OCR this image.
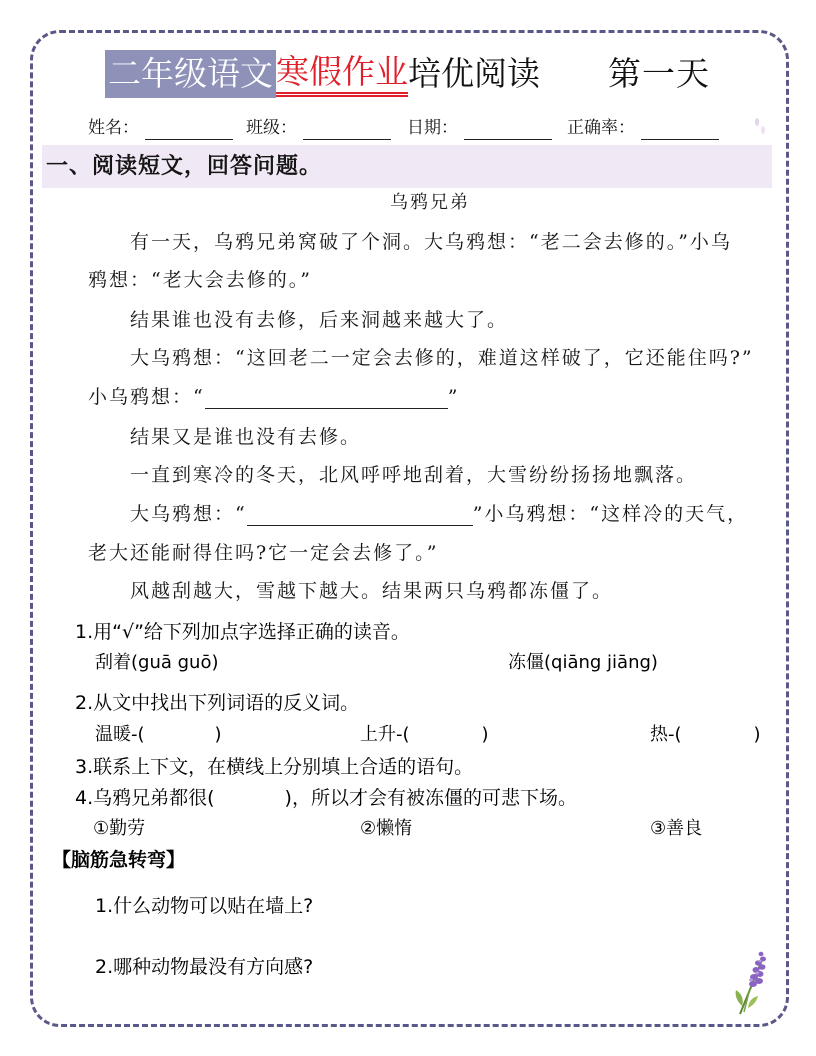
二年级语文 寒假作业 培优阅读 第一天
姓名：	班级：	日期：	正确率：
一、阅读短文，回答问题。
乌鸦兄弟
有一天，乌鸦兄弟窝破了个洞。大乌鸦想：“老二会去修的。”小乌
鸦想：“老大会去修的。”
结果谁也没有去修，后来洞越来越大了。
大乌鸦想：“这回老二一定会去修的，难道这样破了，它还能住吗?”
小乌鸦想：“	”
结果又是谁也没有去修。
一直到寒冷的冬天，北风呼呼地刮着，大雪纷纷扬扬地飘落。
大乌鸦想：“	”小乌鸦想：“这样冷的天气，
老大还能耐得住吗?它一定会去修了。”
风越刮越大，雪越下越大。结果两只乌鸦都冻僵了。
1.用“√”给下列加点字选择正确的读音。
刮着(guā guō)	冻僵(qiāng jiāng)
2.从文中找出下列词语的反义词。
温暖-(	)	上升-(	)	热-(	)
3.联系上下文，在横线上分别填上合适的语句。
4.乌鸦兄弟都很(	)，所以才会有被冻僵的可悲下场。
①勤劳	②懒惰	③善良
【脑筋急转弯】
1.什么动物可以贴在墙上?
2.哪种动物最没有方向感?
